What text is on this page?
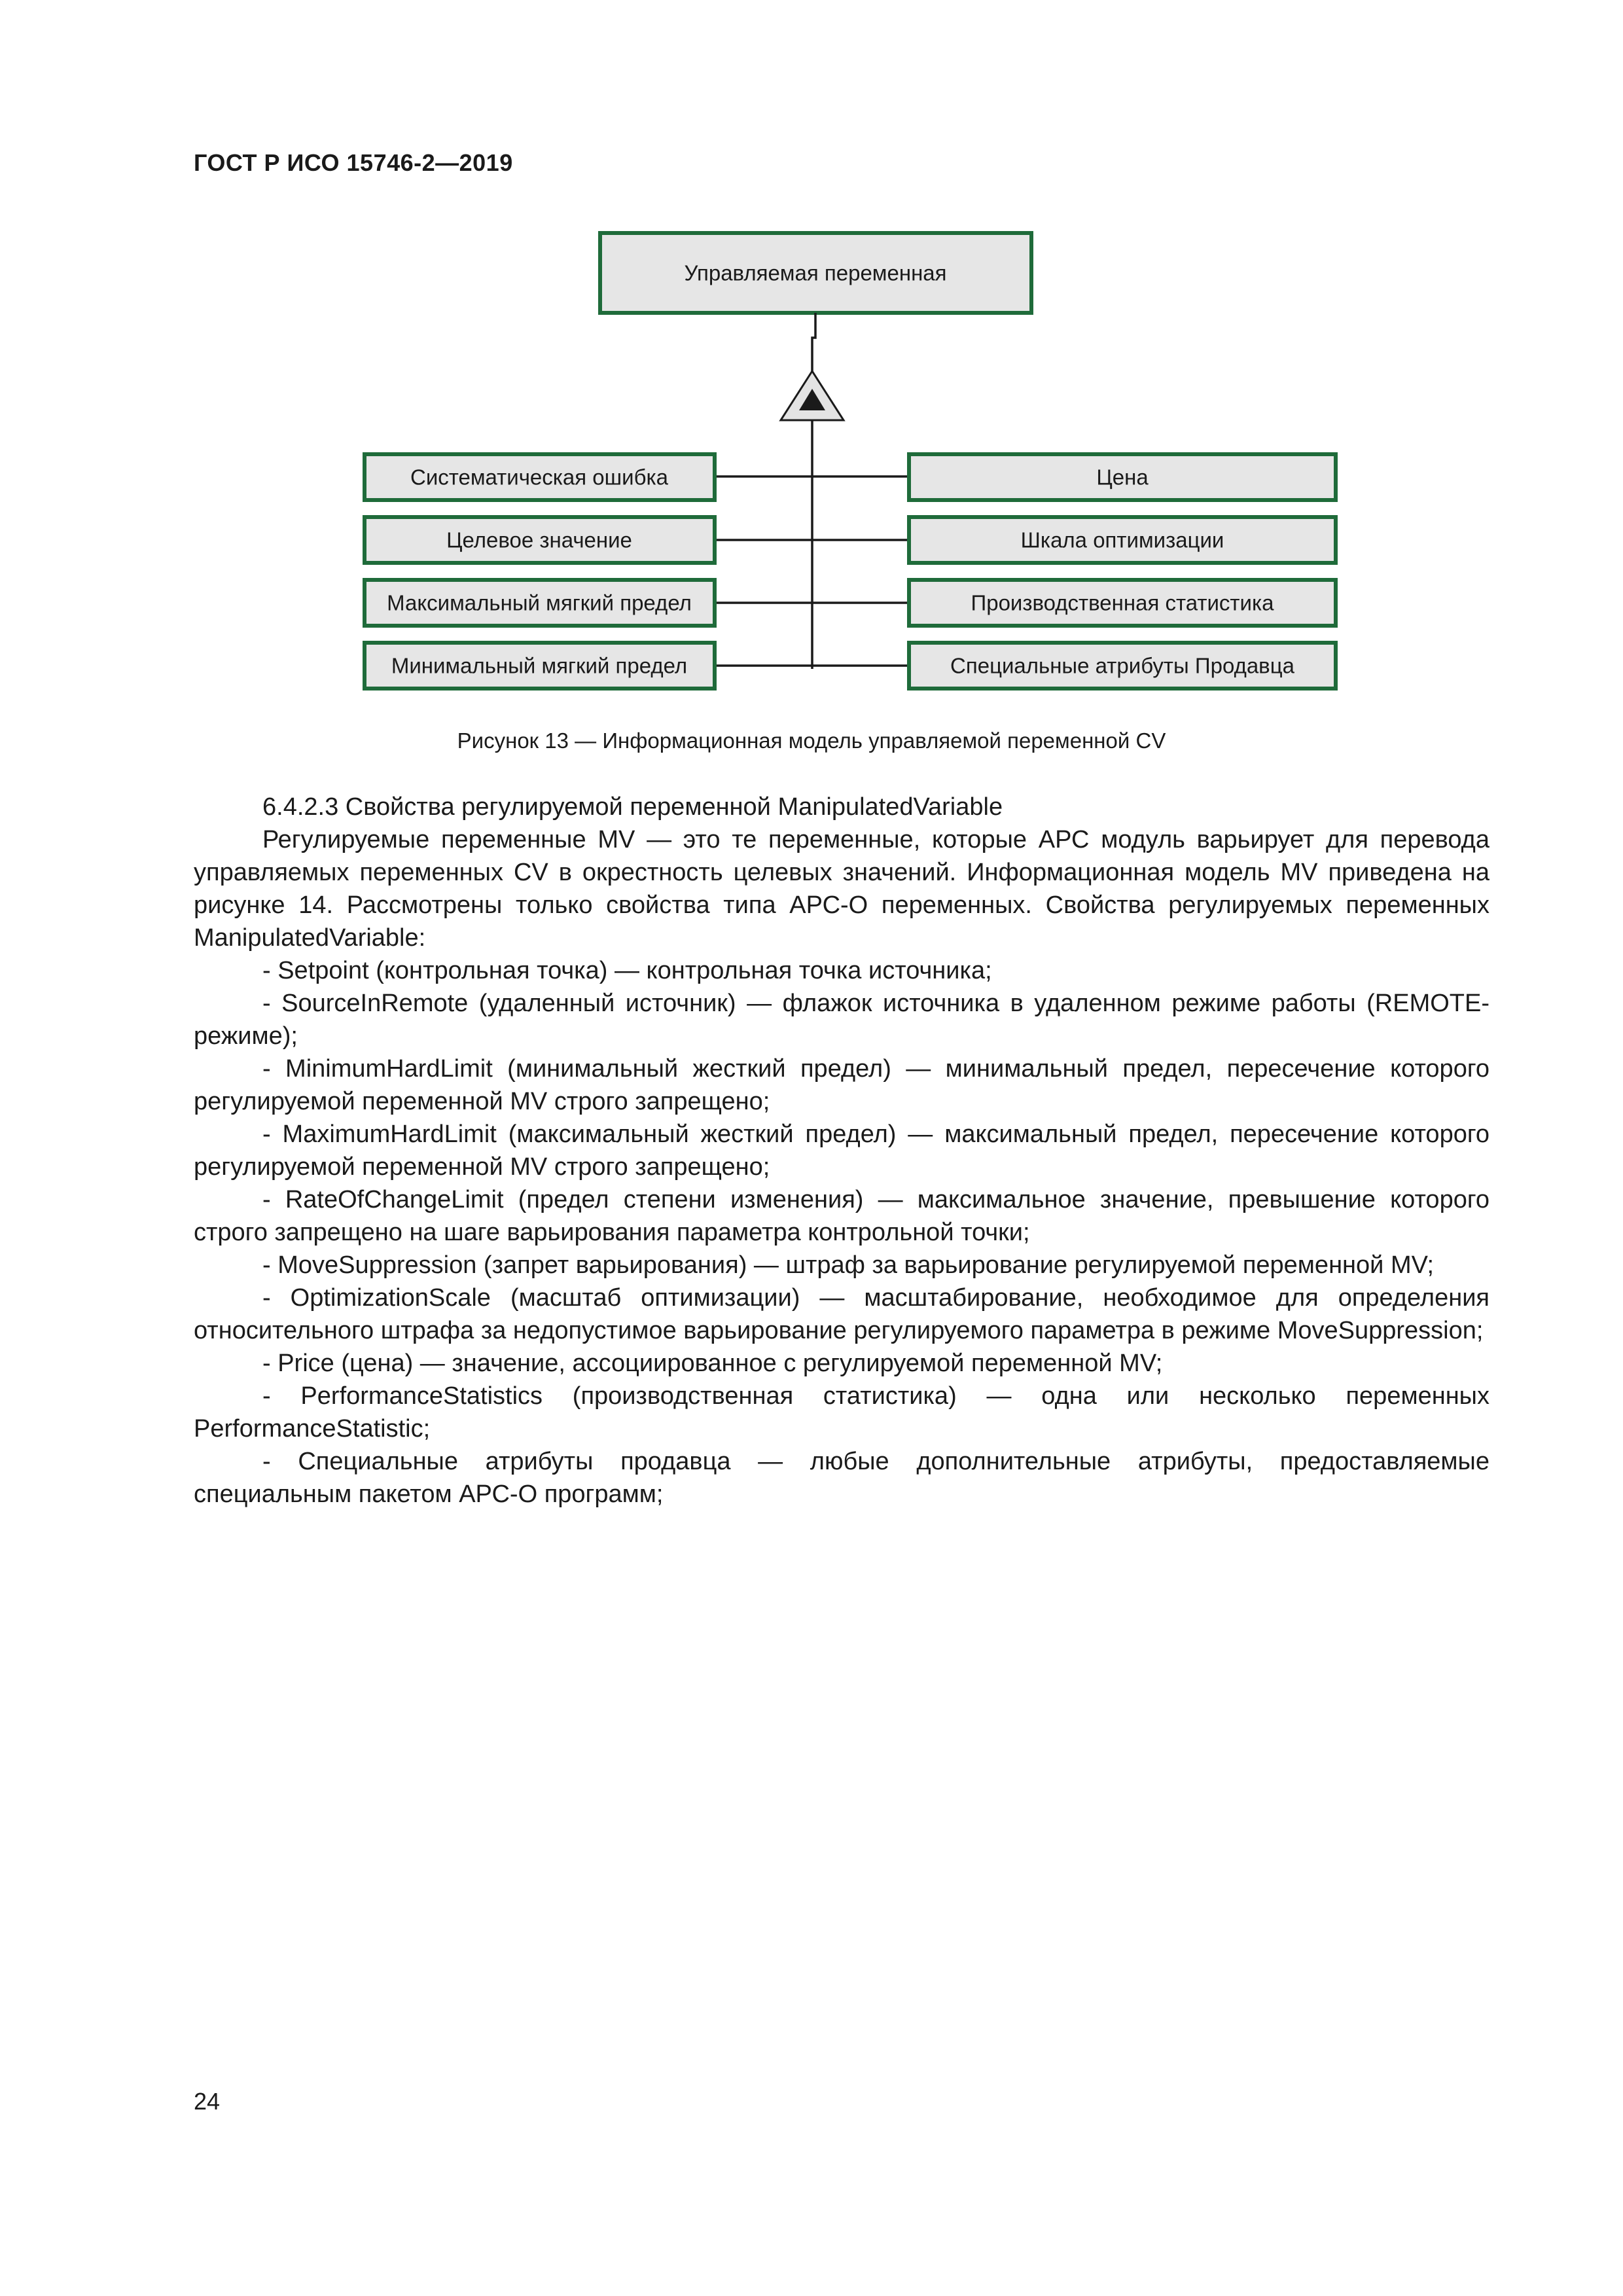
ГОСТ Р ИСО 15746-2—2019
Управляемая переменная
Систематическая ошибка
Целевое значение
Максимальный мягкий предел
Минимальный мягкий предел
Цена
Шкала оптимизации
Производственная статистика
Специальные атрибуты Продавца
Рисунок 13 — Информационная модель управляемой переменной CV

6.4.2.3 Свойства регулируемой переменной ManipulatedVariable

Регулируемые переменные MV — это те переменные, которые АРС модуль варьирует для перевода управляемых переменных CV в окрестность целевых значений. Информационная модель MV приведена на рисунке 14. Рассмотрены только свойства типа АРС-О переменных. Свойства регулируемых переменных ManipulatedVariable:

- Setpoint (контрольная точка) — контрольная точка источника;

- SourceInRemote (удаленный источник) — флажок источника в удаленном режиме работы (REMOTE-режиме);

- MinimumHardLimit (минимальный жесткий предел) — минимальный предел, пересечение которого регулируемой переменной MV строго запрещено;

- MaximumHardLimit (максимальный жесткий предел) — максимальный предел, пересечение которого регулируемой переменной MV строго запрещено;

- RateOfChangeLimit (предел степени изменения) — максимальное значение, превышение которого строго запрещено на шаге варьирования параметра контрольной точки;

- MoveSuppression (запрет варьирования) — штраф за варьирование регулируемой переменной MV;

- OptimizationScale (масштаб оптимизации) — масштабирование, необходимое для определения относительного штрафа за недопустимое варьирование регулируемого параметра в режиме MoveSuppression;

- Price (цена) — значение, ассоциированное с регулируемой переменной MV;

- PerformanceStatistics (производственная статистика) — одна или несколько переменных PerformanceStatistic;

- Специальные атрибуты продавца — любые дополнительные атрибуты, предоставляемые специальным пакетом АРС-О программ;

24
